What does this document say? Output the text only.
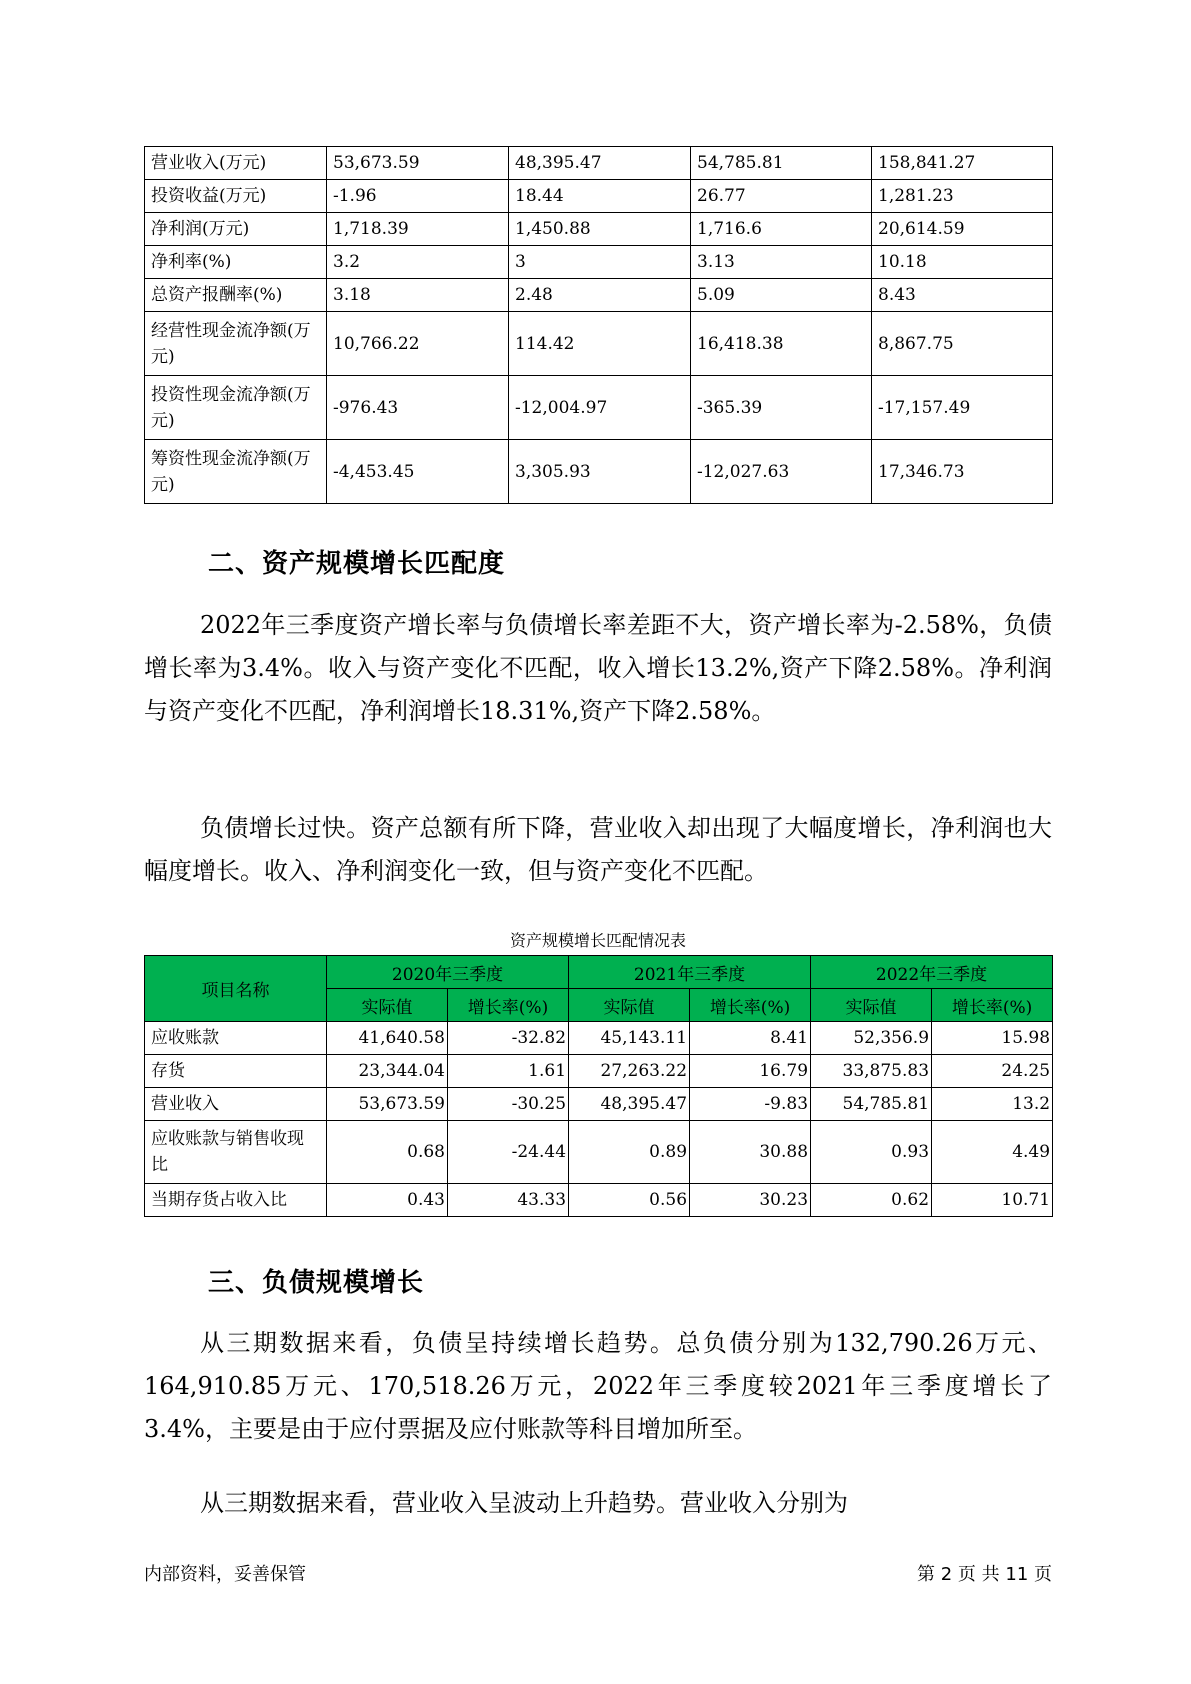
营业收入(万元)	53,673.59	48,395.47	54,785.81	158,841.27
投资收益(万元)	-1.96	18.44	26.77	1,281.23
净利润(万元)	1,718.39	1,450.88	1,716.6	20,614.59
净利率(%)	3.2	3	3.13	10.18
总资产报酬率(%)	3.18	2.48	5.09	8.43
经营性现金流净额(万元)	10,766.22	114.42	16,418.38	8,867.75
投资性现金流净额(万元)	-976.43	-12,004.97	-365.39	-17,157.49
筹资性现金流净额(万元)	-4,453.45	3,305.93	-12,027.63	17,346.73
二、资产规模增长匹配度
2022年三季度资产增长率与负债增长率差距不大，资产增长率为-2.58%，负债增长率为3.4%。收入与资产变化不匹配，收入增长13.2%,资产下降2.58%。净利润与资产变化不匹配，净利润增长18.31%,资产下降2.58%。
负债增长过快。资产总额有所下降，营业收入却出现了大幅度增长，净利润也大幅度增长。收入、净利润变化一致，但与资产变化不匹配。
资产规模增长匹配情况表
项目名称	2020年三季度		2021年三季度		2022年三季度	
	实际值	增长率(%)	实际值	增长率(%)	实际值	增长率(%)
应收账款	41,640.58	-32.82	45,143.11	8.41	52,356.9	15.98
存货	23,344.04	1.61	27,263.22	16.79	33,875.83	24.25
营业收入	53,673.59	-30.25	48,395.47	-9.83	54,785.81	13.2
应收账款与销售收现比	0.68	-24.44	0.89	30.88	0.93	4.49
当期存货占收入比	0.43	43.33	0.56	30.23	0.62	10.71
三、负债规模增长
从三期数据来看，负债呈持续增长趋势。总负债分别为132,790.26万元、164,910.85万元、170,518.26万元，2022年三季度较2021年三季度增长了3.4%，主要是由于应付票据及应付账款等科目增加所至。
从三期数据来看，营业收入呈波动上升趋势。营业收入分别为
内部资料，妥善保管	第 2 页 共 11 页
